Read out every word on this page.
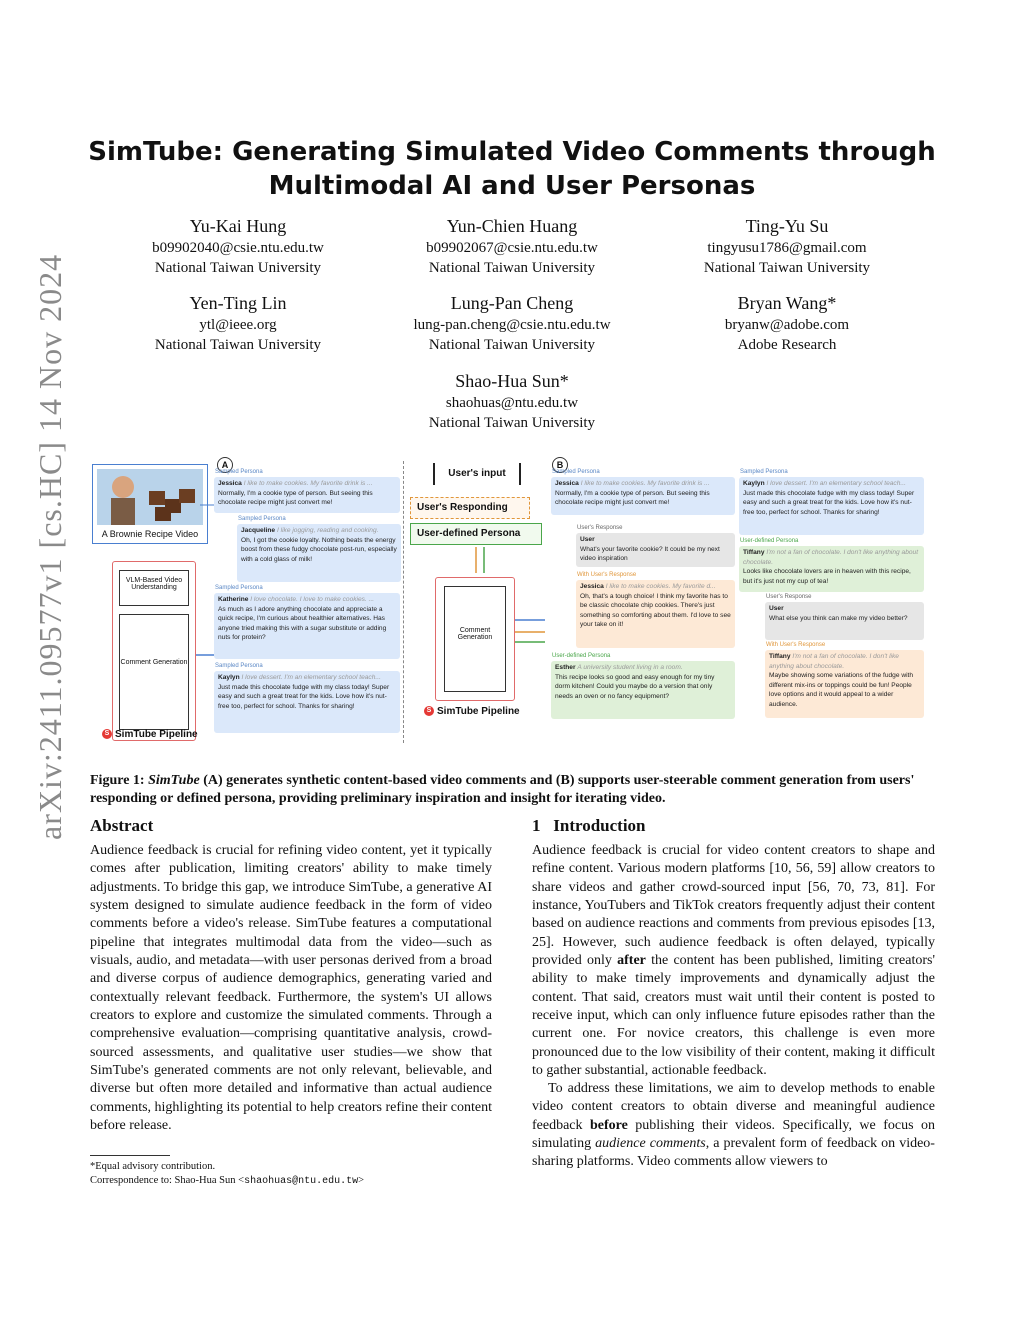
arXiv:2411.09577v1 [cs.HC] 14 Nov 2024
SimTube: Generating Simulated Video Comments through
Multimodal AI and User Personas
Yu-Kai Hung
b09902040@csie.ntu.edu.tw
National Taiwan University
Yun-Chien Huang
b09902067@csie.ntu.edu.tw
National Taiwan University
Ting-Yu Su
tingyusu1786@gmail.com
National Taiwan University
Yen-Ting Lin
ytl@ieee.org
National Taiwan University
Lung-Pan Cheng
lung-pan.cheng@csie.ntu.edu.tw
National Taiwan University
Bryan Wang*
bryanw@adobe.com
Adobe Research
Shao-Hua Sun*
shaohuas@ntu.edu.tw
National Taiwan University
A
A Brownie Recipe Video
VLM-Based Video Understanding
Comment Generation
S SimTube Pipeline
Sampled Persona
Jessica I like to make cookies. My favorite drink is ...
Normally, I'm a cookie type of person. But seeing this chocolate recipe might just convert me!
Sampled Persona
Jacqueline I like jogging, reading and cooking.
Oh, I got the cookie loyalty. Nothing beats the energy boost from these fudgy chocolate post-run, especially with a cold glass of milk!
Sampled Persona
Katherine I love chocolate. I love to make cookies. ...
As much as I adore anything chocolate and appreciate a quick recipe, I'm curious about healthier alternatives. Has anyone tried making this with a sugar substitute or adding nuts for protein?
Sampled Persona
Kaylyn I love dessert. I'm an elementary school teach...
Just made this chocolate fudge with my class today! Super easy and such a great treat for the kids. Love how it's nut-free too, perfect for school. Thanks for sharing!
User's input
User's Responding
User-defined Persona
Comment Generation
S SimTube Pipeline
B
Sampled Persona
Jessica I like to make cookies. My favorite drink is ...
Normally, I'm a cookie type of person. But seeing this chocolate recipe might just convert me!
User's Response
User
What's your favorite cookie? It could be my next video inspiration
With User's Response
Jessica I like to make cookies. My favorite d...
Oh, that's a tough choice! I think my favorite has to be classic chocolate chip cookies. There's just something so comforting about them. I'd love to see your take on it!
User-defined Persona
Esther A university student living in a room.
This recipe looks so good and easy enough for my tiny dorm kitchen! Could you maybe do a version that only needs an oven or no fancy equipment?
Sampled Persona
Kaylyn I love dessert. I'm an elementary school teach...
Just made this chocolate fudge with my class today! Super easy and such a great treat for the kids. Love how it's nut-free too, perfect for school. Thanks for sharing!
User-defined Persona
Tiffany I'm not a fan of chocolate. I don't like anything about chocolate.
Looks like chocolate lovers are in heaven with this recipe, but it's just not my cup of tea!
User's Response
User
What else you think can make my video better?
With User's Response
Tiffany I'm not a fan of chocolate. I don't like anything about chocolate.
Maybe showing some variations of the fudge with different mix-ins or toppings could be fun! People love options and it would appeal to a wider audience.
Figure 1: SimTube (A) generates synthetic content-based video comments and (B) supports user-steerable comment generation from users' responding or defined persona, providing preliminary inspiration and insight for iterating video.
Abstract
Audience feedback is crucial for refining video content, yet it typically comes after publication, limiting creators' ability to make timely adjustments. To bridge this gap, we introduce SimTube, a generative AI system designed to simulate audience feedback in the form of video comments before a video's release. SimTube features a computational pipeline that integrates multimodal data from the video—such as visuals, audio, and metadata—with user personas derived from a broad and diverse corpus of audience demographics, generating varied and contextually relevant feedback. Furthermore, the system's UI allows creators to explore and customize the simulated comments. Through a comprehensive evaluation—comprising quantitative analysis, crowd-sourced assessments, and qualitative user studies—we show that SimTube's generated comments are not only relevant, believable, and diverse but often more detailed and informative than actual audience comments, highlighting its potential to help creators refine their content before release.
1 Introduction
Audience feedback is crucial for video content creators to shape and refine content. Various modern platforms [10, 56, 59] allow creators to share videos and gather crowd-sourced input [56, 70, 73, 81]. For instance, YouTubers and TikTok creators frequently adjust their content based on audience reactions and comments from previous episodes [13, 25]. However, such audience feedback is often delayed, typically provided only after the content has been published, limiting creators' ability to make timely improvements and dynamically adjust the content. That said, creators must wait until their content is posted to receive input, which can only influence future episodes rather than the current one. For novice creators, this challenge is even more pronounced due to the low visibility of their content, making it difficult to gather substantial, actionable feedback.
To address these limitations, we aim to develop methods to enable video content creators to obtain diverse and meaningful audience feedback before publishing their videos. Specifically, we focus on simulating audience comments, a prevalent form of feedback on video-sharing platforms. Video comments allow viewers to
*Equal advisory contribution.
Correspondence to: Shao-Hua Sun <shaohuas@ntu.edu.tw>
